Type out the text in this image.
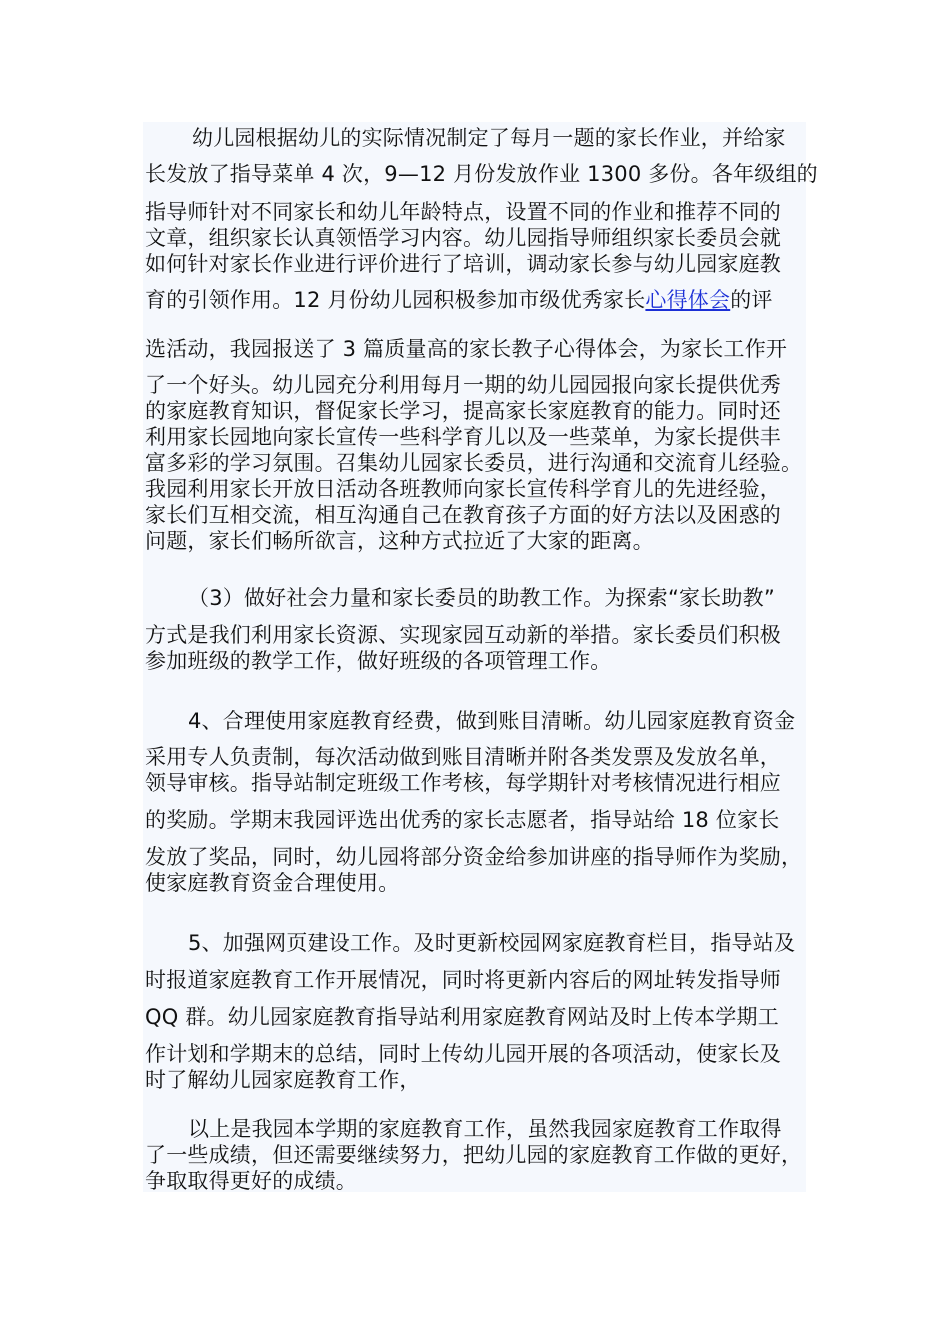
幼儿园根据幼儿的实际情况制定了每月一题的家长作业，并给家
长发放了指导菜单 4 次，9—12 月份发放作业 1300 多份。各年级组的
指导师针对不同家长和幼儿年龄特点，设置不同的作业和推荐不同的
文章，组织家长认真领悟学习内容。幼儿园指导师组织家长委员会就
如何针对家长作业进行评价进行了培训，调动家长参与幼儿园家庭教
育的引领作用。12 月份幼儿园积极参加市级优秀家长心得体会的评
选活动，我园报送了 3 篇质量高的家长教子心得体会，为家长工作开
了一个好头。幼儿园充分利用每月一期的幼儿园园报向家长提供优秀
的家庭教育知识，督促家长学习，提高家长家庭教育的能力。同时还
利用家长园地向家长宣传一些科学育儿以及一些菜单，为家长提供丰
富多彩的学习氛围。召集幼儿园家长委员，进行沟通和交流育儿经验。
我园利用家长开放日活动各班教师向家长宣传科学育儿的先进经验，
家长们互相交流，相互沟通自己在教育孩子方面的好方法以及困惑的
问题，家长们畅所欲言，这种方式拉近了大家的距离。
（3）做好社会力量和家长委员的助教工作。为探索“家长助教”
方式是我们利用家长资源、实现家园互动新的举措。家长委员们积极
参加班级的教学工作，做好班级的各项管理工作。
4、合理使用家庭教育经费，做到账目清晰。幼儿园家庭教育资金
采用专人负责制，每次活动做到账目清晰并附各类发票及发放名单，
领导审核。指导站制定班级工作考核，每学期针对考核情况进行相应
的奖励。学期末我园评选出优秀的家长志愿者，指导站给 18 位家长
发放了奖品，同时，幼儿园将部分资金给参加讲座的指导师作为奖励，
使家庭教育资金合理使用。
5、加强网页建设工作。及时更新校园网家庭教育栏目，指导站及
时报道家庭教育工作开展情况，同时将更新内容后的网址转发指导师
QQ 群。幼儿园家庭教育指导站利用家庭教育网站及时上传本学期工
作计划和学期末的总结，同时上传幼儿园开展的各项活动，使家长及
时了解幼儿园家庭教育工作，
以上是我园本学期的家庭教育工作，虽然我园家庭教育工作取得
了一些成绩，但还需要继续努力，把幼儿园的家庭教育工作做的更好，
争取取得更好的成绩。
